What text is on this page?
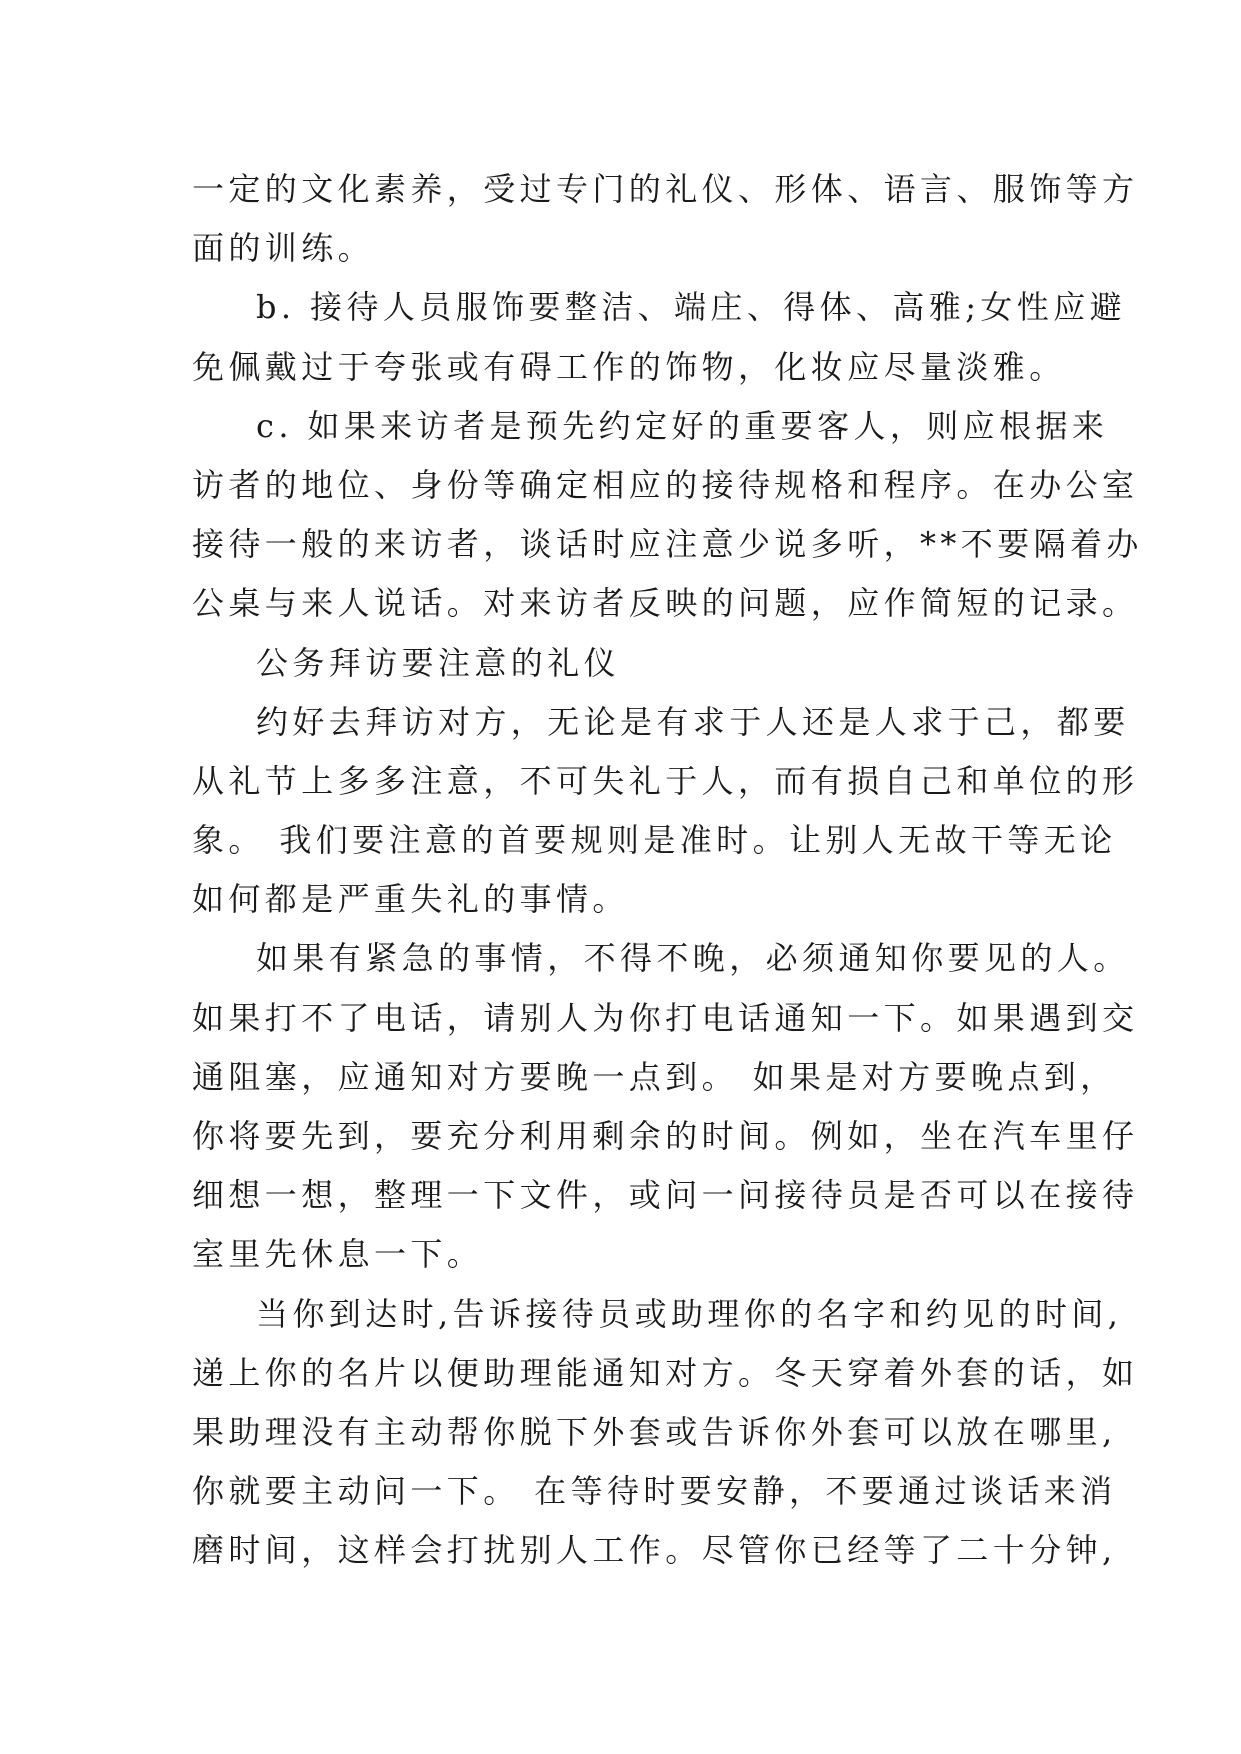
一定的文化素养，受过专门的礼仪、形体、语言、服饰等方
面的训练。
b. 接待人员服饰要整洁、端庄、得体、高雅;女性应避
免佩戴过于夸张或有碍工作的饰物，化妆应尽量淡雅。
c. 如果来访者是预先约定好的重要客人，则应根据来
访者的地位、身份等确定相应的接待规格和程序。在办公室
接待一般的来访者，谈话时应注意少说多听，**不要隔着办
公桌与来人说话。对来访者反映的问题，应作简短的记录。
公务拜访要注意的礼仪
约好去拜访对方，无论是有求于人还是人求于己，都要
从礼节上多多注意，不可失礼于人，而有损自己和单位的形
象。 我们要注意的首要规则是准时。让别人无故干等无论
如何都是严重失礼的事情。
如果有紧急的事情，不得不晚，必须通知你要见的人。
如果打不了电话，请别人为你打电话通知一下。如果遇到交
通阻塞，应通知对方要晚一点到。 如果是对方要晚点到，
你将要先到，要充分利用剩余的时间。例如，坐在汽车里仔
细想一想，整理一下文件，或问一问接待员是否可以在接待
室里先休息一下。
当你到达时,告诉接待员或助理你的名字和约见的时间,
递上你的名片以便助理能通知对方。冬天穿着外套的话，如
果助理没有主动帮你脱下外套或告诉你外套可以放在哪里,
你就要主动问一下。 在等待时要安静，不要通过谈话来消
磨时间，这样会打扰别人工作。尽管你已经等了二十分钟,
